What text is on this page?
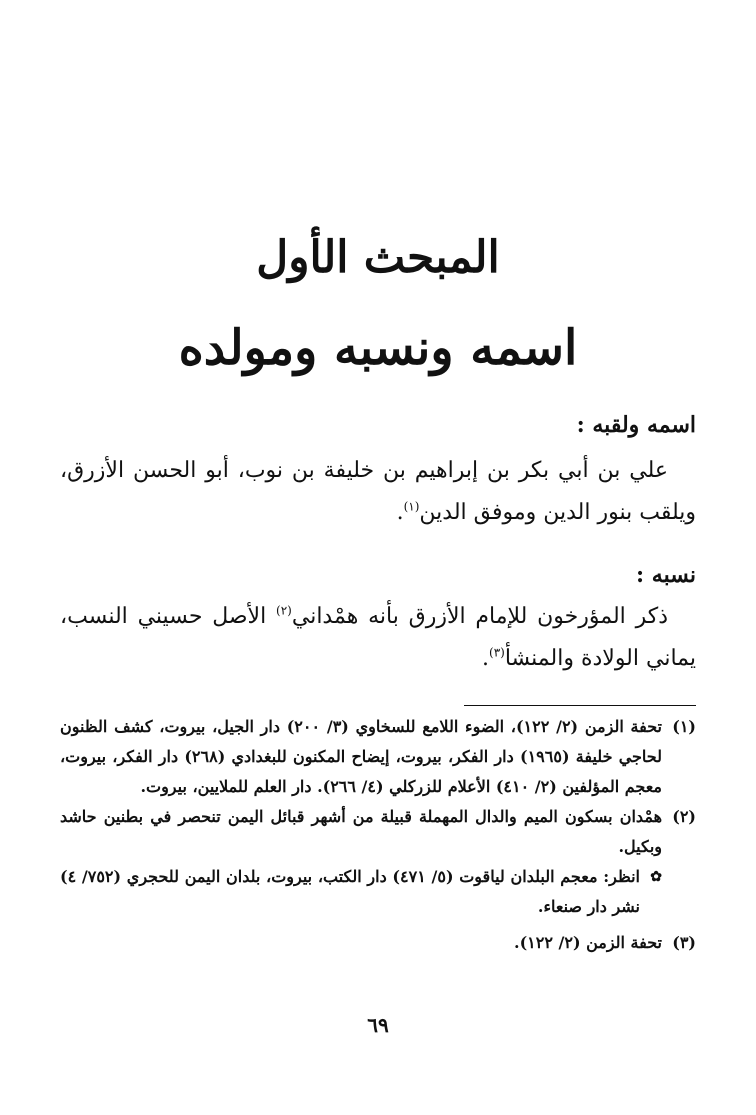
المبحث الأول
اسمه ونسبه ومولده
اسمه ولقبه :
علي بن أبي بكر بن إبراهيم بن خليفة بن نوب، أبو الحسن الأزرق، ويلقب بنور الدين وموفق الدين$^{(١)}$.
نسبه :
ذكر المؤرخون للإمام الأزرق بأنه همْداني$^{(٢)}$ الأصل حسيني النسب، يماني الولادة والمنشأ$^{(٣)}$.
(١)
تحفة الزمن (٢/ ١٢٢)، الضوء اللامع للسخاوي (٣/ ٢٠٠) دار الجيل، بيروت، كشف الظنون لحاجي خليفة (١٩٦٥) دار الفكر، بيروت، إيضاح المكنون للبغدادي (٢٦٨) دار الفكر، بيروت، معجم المؤلفين (٢/ ٤١٠) الأعلام للزركلي (٤/ ٢٦٦). دار العلم للملايين، بيروت.
(٢)
همْدان بسكون الميم والدال المهملة قبيلة من أشهر قبائل اليمن تنحصر في بطنين حاشد وبكيل.
✿
انظر: معجم البلدان لياقوت (٥/ ٤٧١) دار الكتب، بيروت، بلدان اليمن للحجري (٧٥٢/ ٤) نشر دار صنعاء.
(٣)
تحفة الزمن (٢/ ١٢٢).
٦٩
